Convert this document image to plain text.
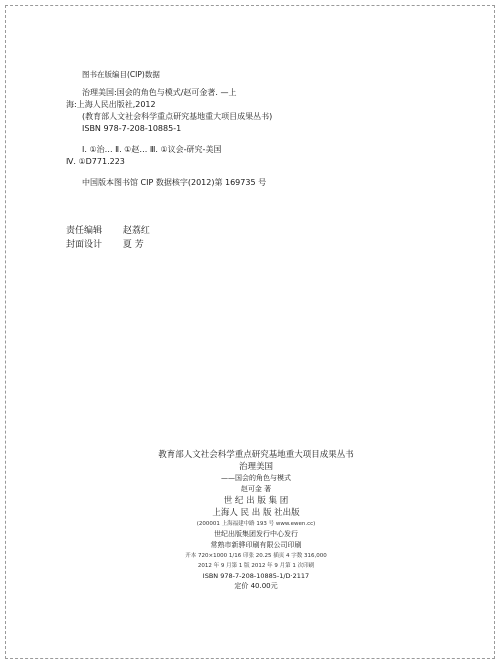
图书在版编目(CIP)数据
治理美国:国会的角色与模式/赵可金著. —上
海:上海人民出版社,2012
(教育部人文社会科学重点研究基地重大项目成果丛书)
ISBN 978-7-208-10885-1
Ⅰ. ①治… Ⅱ. ①赵… Ⅲ. ①议会-研究-美国
Ⅳ. ①D771.223
中国版本图书馆 CIP 数据核字(2012)第 169735 号
责任编辑 赵荔红
封面设计 夏 芳
教育部人文社会科学重点研究基地重大项目成果丛书
治理美国
——国会的角色与模式
赵可金 著
世 纪 出 版 集 团
上海人 民 出 版 社出版
(200001 上海福建中路 193 号 www.ewen.cc)
世纪出版集团发行中心发行
常熟市新骅印刷有限公司印刷
开本 720×1000 1/16 印张 20.25 插页 4 字数 316,000
2012 年 9 月第 1 版 2012 年 9 月第 1 次印刷
ISBN 978-7-208-10885-1/D·2117
定价 40.00元
